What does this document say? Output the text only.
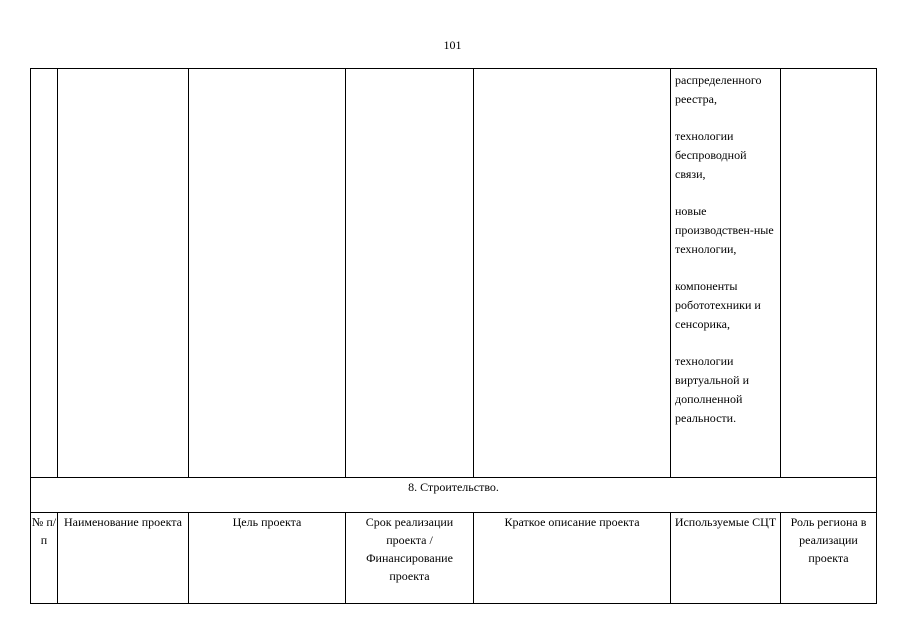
101

					распределенного реестра,

технологии беспроводной связи,

новые производствен-ные технологии,

компоненты робототехники и сенсорика,

технологии виртуальной и дополненной реальности.	

8. Строительство.						
№ п/п	Наименование проекта	Цель проекта	Срок реализации проекта / Финансирование проекта	Краткое описание проекта	Используемые СЦТ	Роль региона в реализации проекта
